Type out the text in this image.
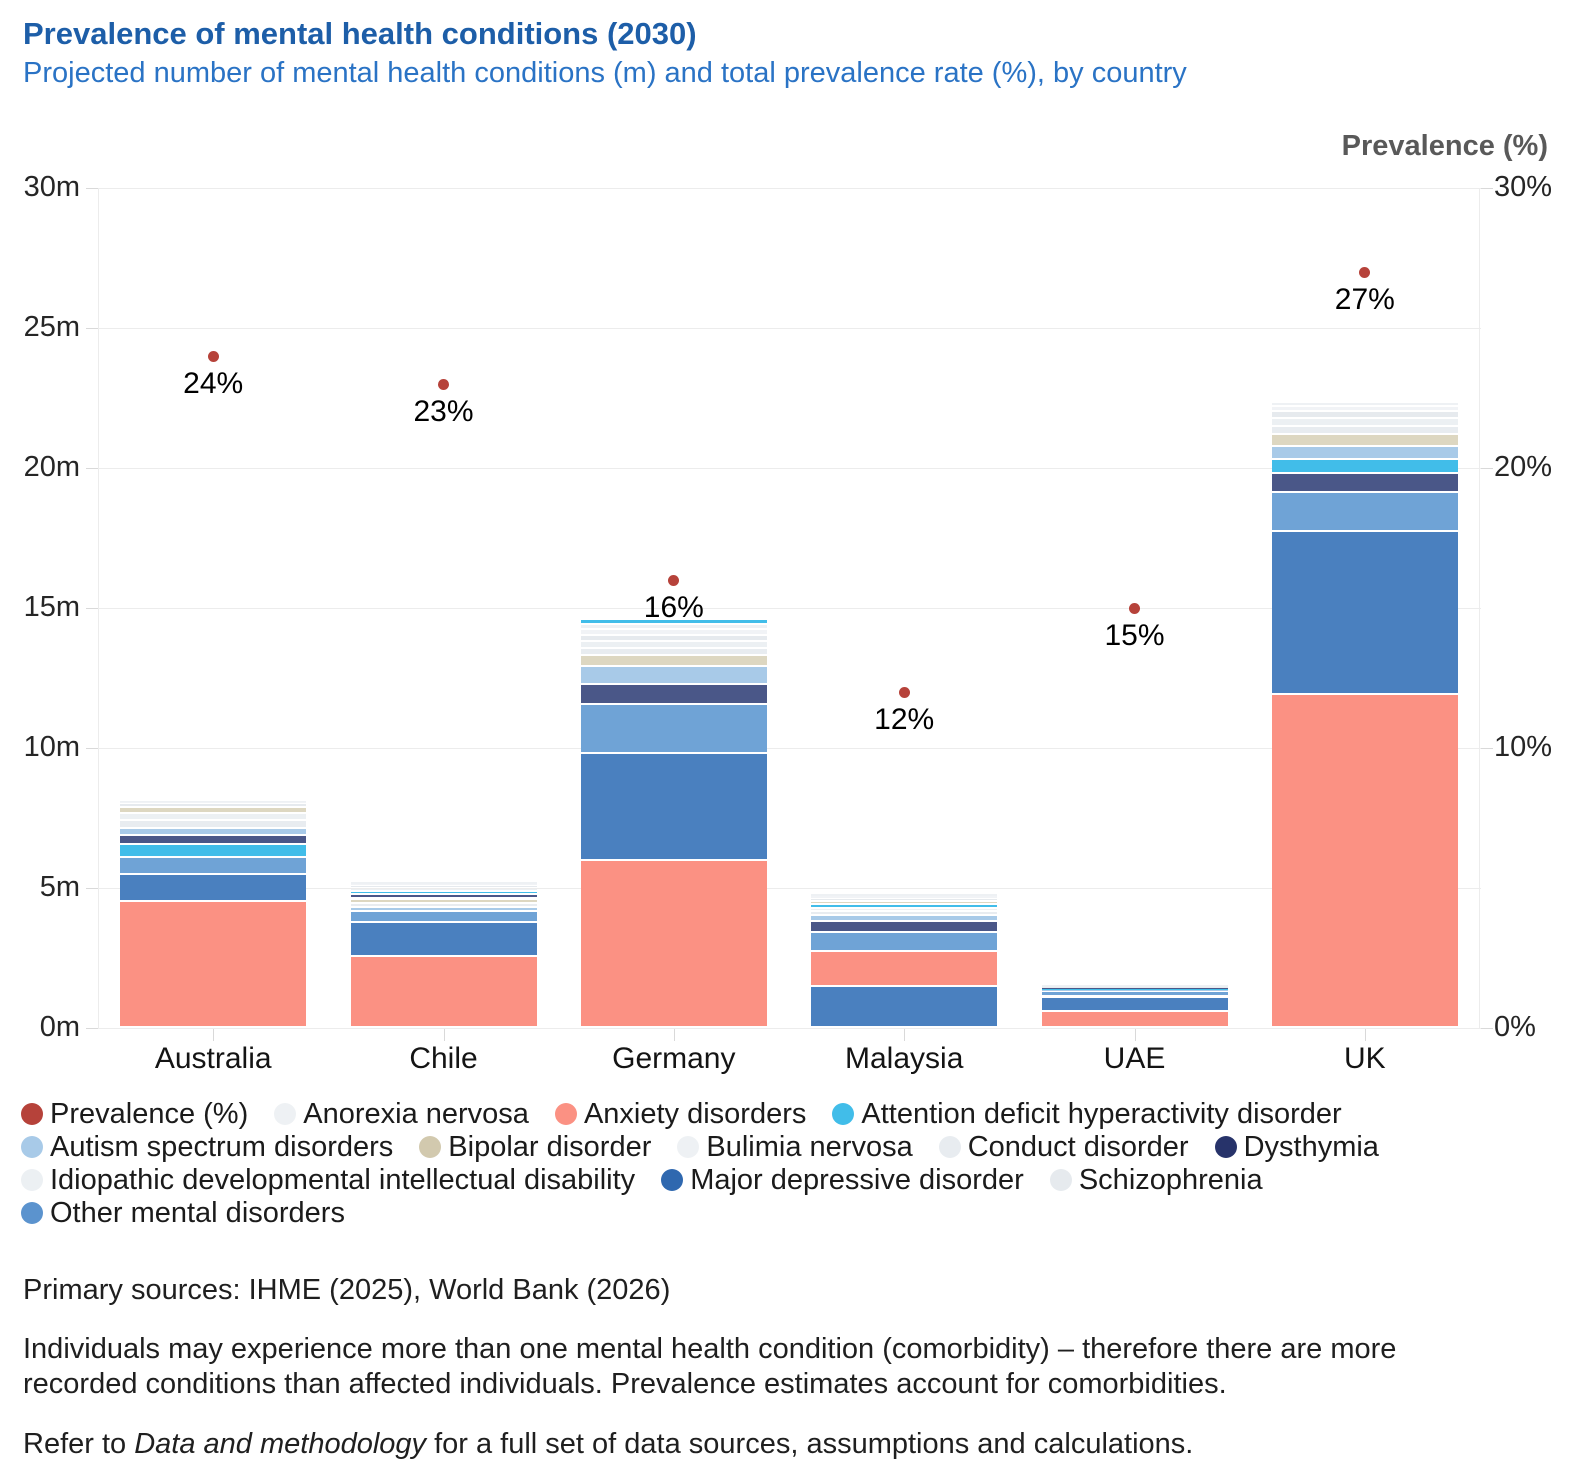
Prevalence of mental health conditions (2030)
Projected number of mental health conditions (m) and total prevalence rate (%), by country
Prevalence (%)
0m
5m
10m
15m
20m
25m
30m
0%
10%
20%
30%
Australia
24%
Chile
23%
Germany
16%
Malaysia
12%
UAE
15%
UK
27%
Prevalence (%) Anorexia nervosa Anxiety disorders Attention deficit hyperactivity disorder
Autism spectrum disorders Bipolar disorder Bulimia nervosa Conduct disorder Dysthymia
Idiopathic developmental intellectual disability Major depressive disorder Schizophrenia
Other mental disorders
Primary sources: IHME (2025), World Bank (2026)
Individuals may experience more than one mental health condition (comorbidity) – therefore there are more recorded conditions than affected individuals. Prevalence estimates account for comorbidities.
Refer to Data and methodology for a full set of data sources, assumptions and calculations.
